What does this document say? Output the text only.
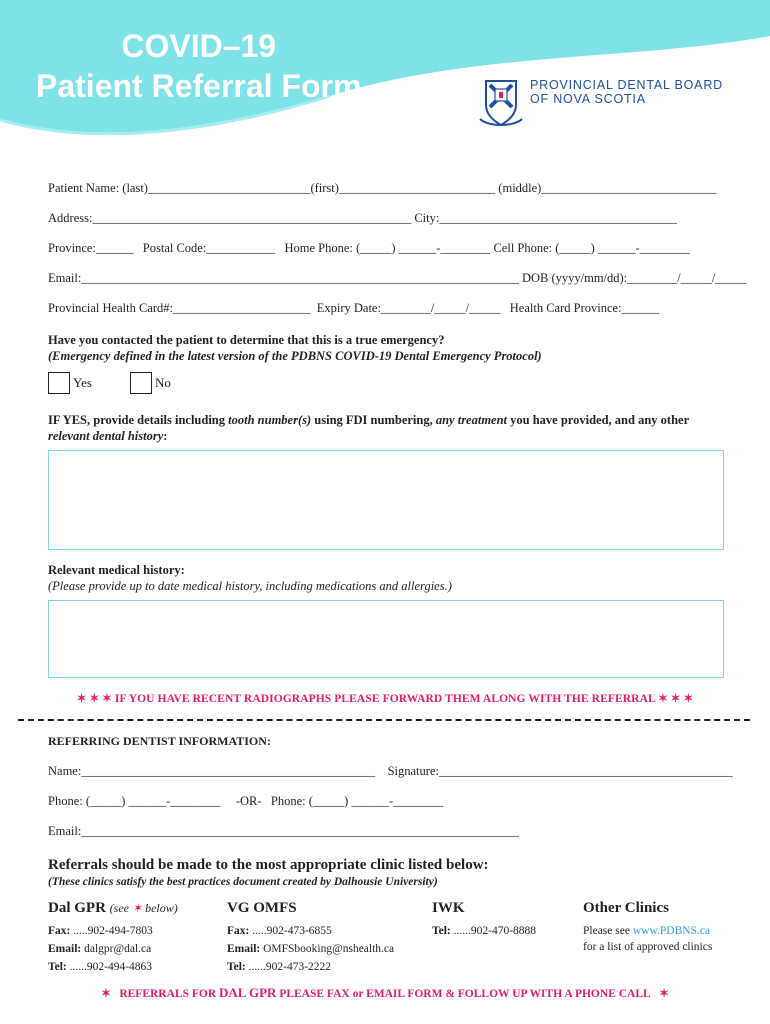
COVID–19
Patient Referral Form	PROVINCIAL DENTAL BOARD
OF NOVA SCOTIA
Patient Name: (last)__________________________(first)_________________________ (middle)____________________________
Address:___________________________________________________ City:______________________________________
Province:______   Postal Code:___________   Home Phone: (_____) ______-________ Cell Phone: (_____) ______-________
Email:______________________________________________________________________ DOB (yyyy/mm/dd):________/_____/_____
Provincial Health Card#:______________________  Expiry Date:________/_____/_____   Health Card Province:______
Have you contacted the patient to determine that this is a true emergency?
(Emergency defined in the latest version of the PDBNS COVID-19 Dental Emergency Protocol)
Yes	No
IF YES, provide details including tooth number(s) using FDI numbering, any treatment you have provided, and any other
relevant dental history:
Relevant medical history:
(Please provide up to date medical history, including medications and allergies.)
✶ ✶ ✶ IF YOU HAVE RECENT RADIOGRAPHS PLEASE FORWARD THEM ALONG WITH THE REFERRAL ✶ ✶ ✶
REFERRING DENTIST INFORMATION:
Name:_______________________________________________    Signature:_______________________________________________
Phone: (_____) ______-________     -OR-   Phone: (_____) ______-________
Email:______________________________________________________________________
Referrals should be made to the most appropriate clinic listed below:
(These clinics satisfy the best practices document created by Dalhousie University)
Dal GPR (see ✶ below)
Fax: .....902-494-7803
Email: dalgpr@dal.ca
Tel: ......902-494-4863
VG OMFS
Fax: .....902-473-6855
Email: OMFSbooking@nshealth.ca
Tel: ......902-473-2222
IWK
Tel: ......902-470-8888
Other Clinics
Please see www.PDBNS.ca
for a list of approved clinics
✶ REFERRALS FOR DAL GPR PLEASE FAX or EMAIL FORM & FOLLOW UP WITH A PHONE CALL ✶
